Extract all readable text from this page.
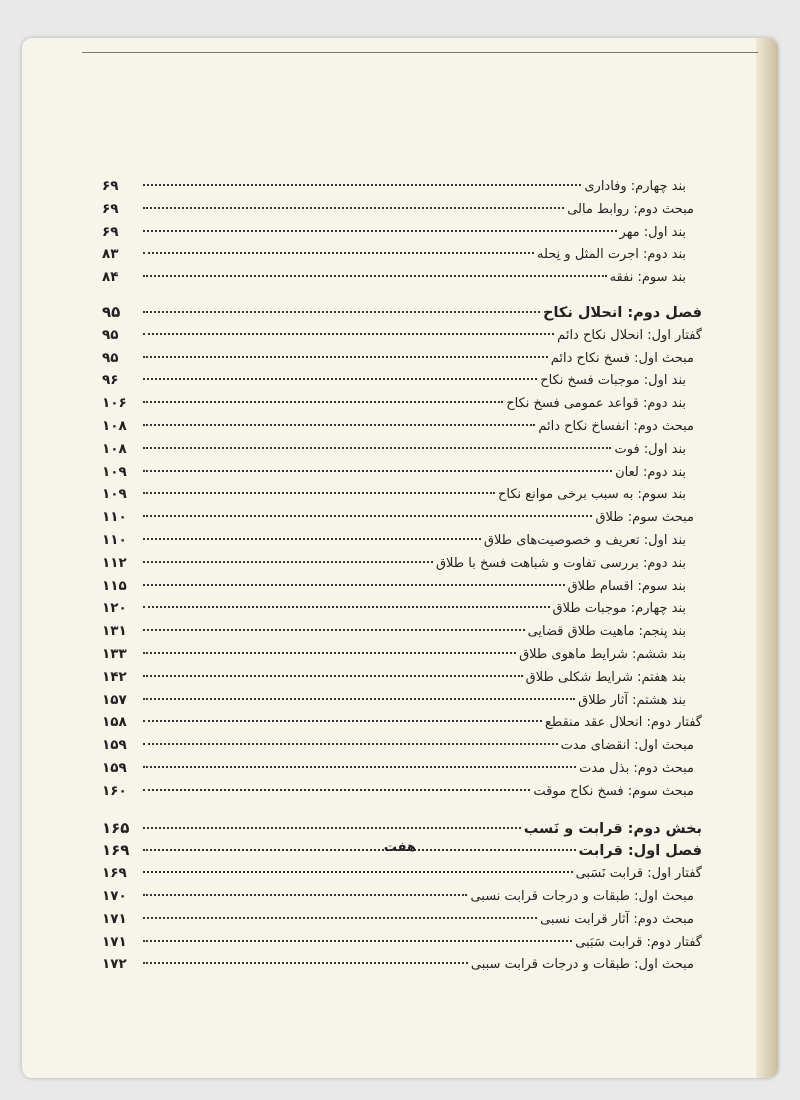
بند چهارم: وفاداری
۶۹
مبحث دوم: روابط مالی
۶۹
بند اول: مهر
۶۹
بند دوم: اجرت المثل و نِحله
۸۳
بند سوم: نفقه
۸۴
فصل دوم: انحلال نکاح
۹۵
گفتار اول: انحلال نکاح دائم
۹۵
مبحث اول: فسخ نکاح دائم
۹۵
بند اول: موجبات فسخ نکاح
۹۶
بند دوم: قواعد عمومی فسخ نکاح
۱۰۶
مبحث دوم: انفساخ نکاح دائم
۱۰۸
بند اول: فوت
۱۰۸
بند دوم: لعان
۱۰۹
بند سوم: به سبب برخی موانع نکاح
۱۰۹
مبحث سوم: طلاق
۱۱۰
بند اول: تعریف و خصوصیت‌های طلاق
۱۱۰
بند دوم: بررسی تفاوت و شباهت فسخ با طلاق
۱۱۲
بند سوم: اقسام طلاق
۱۱۵
بند چهارم: موجبات طلاق
۱۲۰
بند پنجم: ماهیت طلاق قضایی
۱۳۱
بند ششم: شرایط ماهوی طلاق
۱۳۳
بند هفتم: شرایط شکلی طلاق
۱۴۲
بند هشتم: آثار طلاق
۱۵۷
گفتار دوم: انحلال عقد منقطع
۱۵۸
مبحث اول: انقضای مدت
۱۵۹
مبحث دوم: بذل مدت
۱۵۹
مبحث سوم: فسخ نکاح موقت
۱۶۰
بخش دوم: قرابت و نَسب
۱۶۵
فصل اول: قرابت
۱۶۹
گفتار اول: قرابت نَسَبی
۱۶۹
مبحث اول: طبقات و درجات قرابت نسبی
۱۷۰
مبحث دوم: آثار قرابت نسبی
۱۷۱
گفتار دوم: قرابت سَبَبی
۱۷۱
مبحث اول: طبقات و درجات قرابت سببی
۱۷۲
هفت
